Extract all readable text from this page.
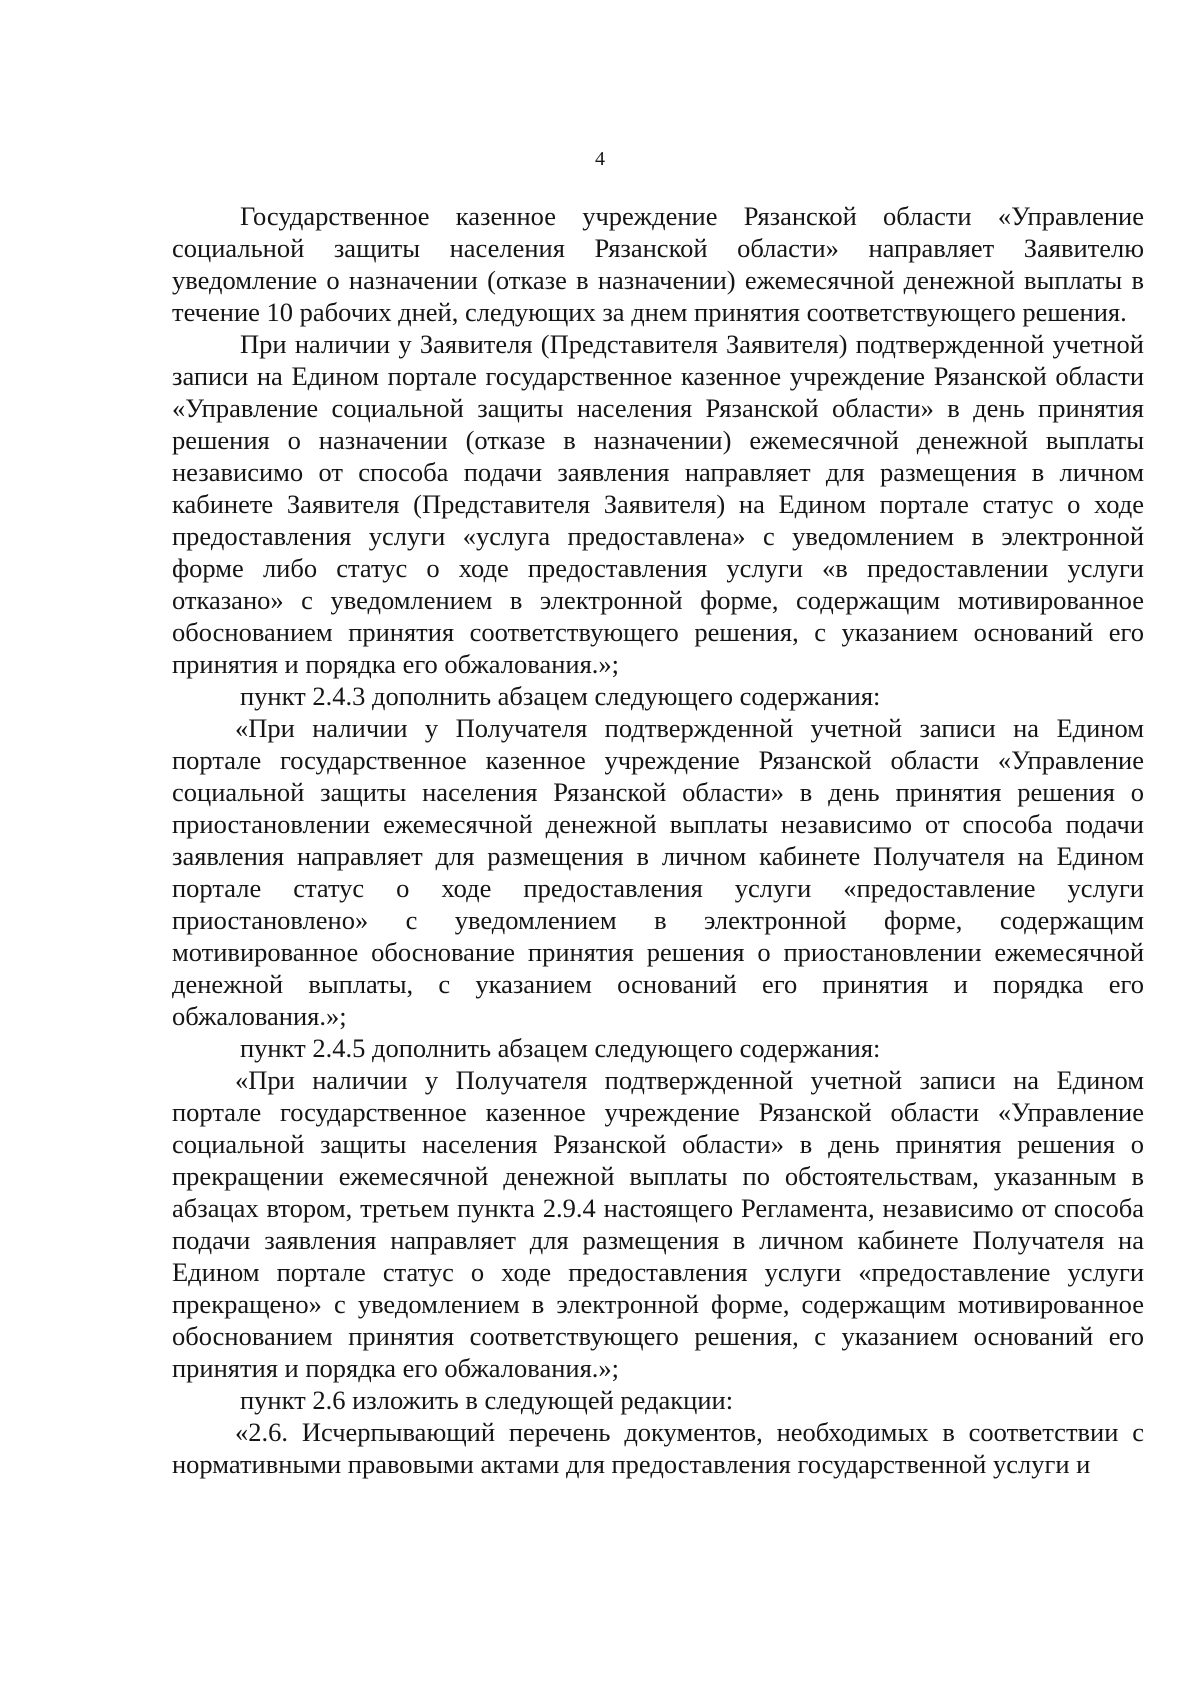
4

Государственное казенное учреждение Рязанской области «Управление социальной защиты населения Рязанской области» направляет Заявителю уведомление о назначении (отказе в назначении) ежемесячной денежной выплаты в течение 10 рабочих дней, следующих за днем принятия соответствующего решения.

При наличии у Заявителя (Представителя Заявителя) подтвержденной учетной записи на Едином портале государственное казенное учреждение Рязанской области «Управление социальной защиты населения Рязанской области» в день принятия решения о назначении (отказе в назначении) ежемесячной денежной выплаты независимо от способа подачи заявления направляет для размещения в личном кабинете Заявителя (Представителя Заявителя) на Едином портале статус о ходе предоставления услуги «услуга предоставлена» с уведомлением в электронной форме либо статус о ходе предоставления услуги «в предоставлении услуги отказано» с уведомлением в электронной форме, содержащим мотивированное обоснованием принятия соответствующего решения, с указанием оснований его принятия и порядка его обжалования.»;

пункт 2.4.3 дополнить абзацем следующего содержания:

«При наличии у Получателя подтвержденной учетной записи на Едином портале государственное казенное учреждение Рязанской области «Управление социальной защиты населения Рязанской области» в день принятия решения о приостановлении ежемесячной денежной выплаты независимо от способа подачи заявления направляет для размещения в личном кабинете Получателя на Едином портале статус о ходе предоставления услуги «предоставление услуги приостановлено» с уведомлением в электронной форме, содержащим мотивированное обоснование принятия решения о приостановлении ежемесячной денежной выплаты, с указанием оснований его принятия и порядка его обжалования.»;

пункт 2.4.5 дополнить абзацем следующего содержания:

«При наличии у Получателя подтвержденной учетной записи на Едином портале государственное казенное учреждение Рязанской области «Управление социальной защиты населения Рязанской области» в день принятия решения о прекращении ежемесячной денежной выплаты по обстоятельствам, указанным в абзацах втором, третьем пункта 2.9.4 настоящего Регламента, независимо от способа подачи заявления направляет для размещения в личном кабинете Получателя на Едином портале статус о ходе предоставления услуги «предоставление услуги прекращено» с уведомлением в электронной форме, содержащим мотивированное обоснованием принятия соответствующего решения, с указанием оснований его принятия и порядка его обжалования.»;

пункт 2.6 изложить в следующей редакции:

«2.6. Исчерпывающий перечень документов, необходимых в соответствии с нормативными правовыми актами для предоставления государственной услуги и
